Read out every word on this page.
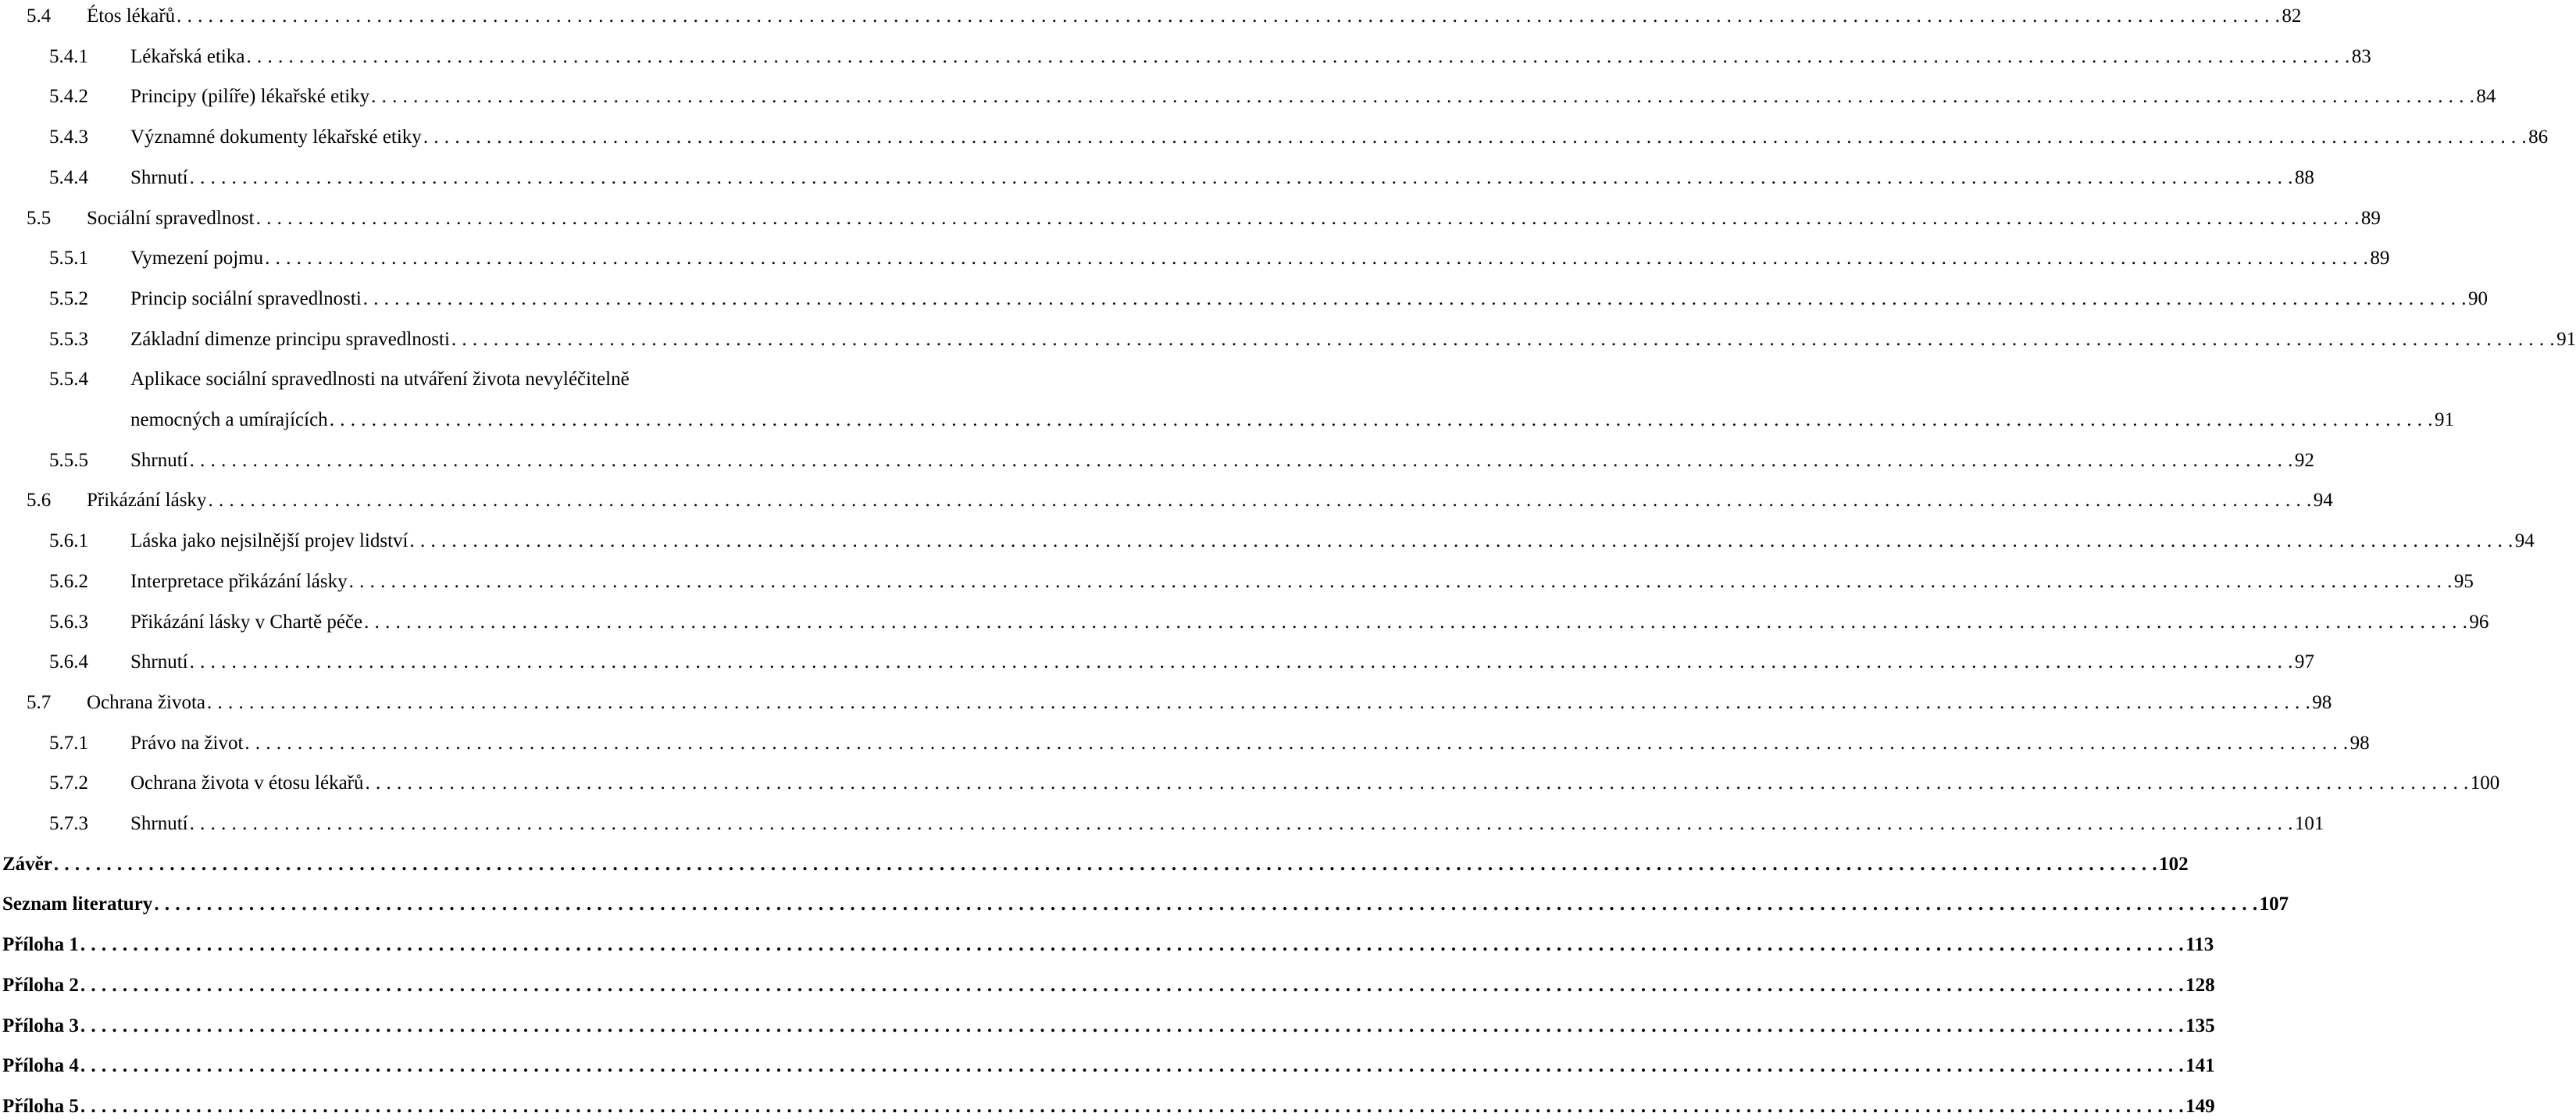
5.4 Étos lékařů . . . . . . . . . . . . . . . . . . . . . . . . . . . . . . . . . . . . . . . . . . . . . . . . . . . . . . . . . . . . . . . . . . . . . . . . . . . . . . . . . . . . . . . . . . . . . . . . . . . . . . . . . . . . . . . . . . . . . . . . . . . . . . . . . . . . . . . . . . . . . . . . . . . . . . . . . . . . . . . . . . . . . . . . . . . . . . . . . . . . . . . . . . . . . . . . . . . . . . . . 82
5.4.1 Lékařská etika . . . . . . . . . . . . . . . . . . . . . . . . . . . . . . . . . . . . . . . . . . . . . . . . . . . . . . . . . . . . . . . . . . . . . . . . . . . . . . . . . . . . . . . . . . . . . . . . . . . . . . . . . . . . . . . . . . . . . . . . . . . . . . . . . . . . . . . . . . . . . . . . . . . . . . . . . . . . . . . . . . . . . . . . . . . . . . . . . . . . . . . . . . . . . . . . . . . . . . . . 83
5.4.2 Principy (pilíře) lékařské etiky . . . . . . . . . . . . . . . . . . . . . . . . . . . . . . . . . . . . . . . . . . . . . . . . . . . . . . . . . . . . . . . . . . . . . . . . . . . . . . . . . . . . . . . . . . . . . . . . . . . . . . . . . . . . . . . . . . . . . . . . . . . . . . . . . . . . . . . . . . . . . . . . . . . . . . . . . . . . . . . . . . . . . . . . . . . . . . . . . . . . . . . . . . . . . . . . . . . . . . . . 84
5.4.3 Významné dokumenty lékařské etiky . . . . . . . . . . . . . . . . . . . . . . . . . . . . . . . . . . . . . . . . . . . . . . . . . . . . . . . . . . . . . . . . . . . . . . . . . . . . . . . . . . . . . . . . . . . . . . . . . . . . . . . . . . . . . . . . . . . . . . . . . . . . . . . . . . . . . . . . . . . . . . . . . . . . . . . . . . . . . . . . . . . . . . . . . . . . . . . . . . . . . . . . . . . . . . . . . . . . . . . . 86
5.4.4 Shrnutí . . . . . . . . . . . . . . . . . . . . . . . . . . . . . . . . . . . . . . . . . . . . . . . . . . . . . . . . . . . . . . . . . . . . . . . . . . . . . . . . . . . . . . . . . . . . . . . . . . . . . . . . . . . . . . . . . . . . . . . . . . . . . . . . . . . . . . . . . . . . . . . . . . . . . . . . . . . . . . . . . . . . . . . . . . . . . . . . . . . . . . . . . . . . . . . . . . . . . . . . 88
5.5 Sociální spravedlnost . . . . . . . . . . . . . . . . . . . . . . . . . . . . . . . . . . . . . . . . . . . . . . . . . . . . . . . . . . . . . . . . . . . . . . . . . . . . . . . . . . . . . . . . . . . . . . . . . . . . . . . . . . . . . . . . . . . . . . . . . . . . . . . . . . . . . . . . . . . . . . . . . . . . . . . . . . . . . . . . . . . . . . . . . . . . . . . . . . . . . . . . . . . . . . . . . . . . . . . . 89
5.5.1 Vymezení pojmu . . . . . . . . . . . . . . . . . . . . . . . . . . . . . . . . . . . . . . . . . . . . . . . . . . . . . . . . . . . . . . . . . . . . . . . . . . . . . . . . . . . . . . . . . . . . . . . . . . . . . . . . . . . . . . . . . . . . . . . . . . . . . . . . . . . . . . . . . . . . . . . . . . . . . . . . . . . . . . . . . . . . . . . . . . . . . . . . . . . . . . . . . . . . . . . . . . . . . . . . 89
5.5.2 Princip sociální spravedlnosti . . . . . . . . . . . . . . . . . . . . . . . . . . . . . . . . . . . . . . . . . . . . . . . . . . . . . . . . . . . . . . . . . . . . . . . . . . . . . . . . . . . . . . . . . . . . . . . . . . . . . . . . . . . . . . . . . . . . . . . . . . . . . . . . . . . . . . . . . . . . . . . . . . . . . . . . . . . . . . . . . . . . . . . . . . . . . . . . . . . . . . . . . . . . . . . . . . . . . . . . 90
5.5.3 Základní dimenze principu spravedlnosti . . . . . . . . . . . . . . . . . . . . . . . . . . . . . . . . . . . . . . . . . . . . . . . . . . . . . . . . . . . . . . . . . . . . . . . . . . . . . . . . . . . . . . . . . . . . . . . . . . . . . . . . . . . . . . . . . . . . . . . . . . . . . . . . . . . . . . . . . . . . . . . . . . . . . . . . . . . . . . . . . . . . . . . . . . . . . . . . . . . . . . . . . . . . . . . . . . . . . . . . 91
5.5.4 Aplikace sociální spravedlnosti na utváření života nevyléčitelně
nemocných a umírajících . . . . . . . . . . . . . . . . . . . . . . . . . . . . . . . . . . . . . . . . . . . . . . . . . . . . . . . . . . . . . . . . . . . . . . . . . . . . . . . . . . . . . . . . . . . . . . . . . . . . . . . . . . . . . . . . . . . . . . . . . . . . . . . . . . . . . . . . . . . . . . . . . . . . . . . . . . . . . . . . . . . . . . . . . . . . . . . . . . . . . . . . . . . . . . . . . . . . . . . . 91
5.5.5 Shrnutí . . . . . . . . . . . . . . . . . . . . . . . . . . . . . . . . . . . . . . . . . . . . . . . . . . . . . . . . . . . . . . . . . . . . . . . . . . . . . . . . . . . . . . . . . . . . . . . . . . . . . . . . . . . . . . . . . . . . . . . . . . . . . . . . . . . . . . . . . . . . . . . . . . . . . . . . . . . . . . . . . . . . . . . . . . . . . . . . . . . . . . . . . . . . . . . . . . . . . . . . 92
5.6 Přikázání lásky . . . . . . . . . . . . . . . . . . . . . . . . . . . . . . . . . . . . . . . . . . . . . . . . . . . . . . . . . . . . . . . . . . . . . . . . . . . . . . . . . . . . . . . . . . . . . . . . . . . . . . . . . . . . . . . . . . . . . . . . . . . . . . . . . . . . . . . . . . . . . . . . . . . . . . . . . . . . . . . . . . . . . . . . . . . . . . . . . . . . . . . . . . . . . . . . . . . . . . . . 94
5.6.1 Láska jako nejsilnější projev lidství . . . . . . . . . . . . . . . . . . . . . . . . . . . . . . . . . . . . . . . . . . . . . . . . . . . . . . . . . . . . . . . . . . . . . . . . . . . . . . . . . . . . . . . . . . . . . . . . . . . . . . . . . . . . . . . . . . . . . . . . . . . . . . . . . . . . . . . . . . . . . . . . . . . . . . . . . . . . . . . . . . . . . . . . . . . . . . . . . . . . . . . . . . . . . . . . . . . . . . . . 94
5.6.2 Interpretace přikázání lásky . . . . . . . . . . . . . . . . . . . . . . . . . . . . . . . . . . . . . . . . . . . . . . . . . . . . . . . . . . . . . . . . . . . . . . . . . . . . . . . . . . . . . . . . . . . . . . . . . . . . . . . . . . . . . . . . . . . . . . . . . . . . . . . . . . . . . . . . . . . . . . . . . . . . . . . . . . . . . . . . . . . . . . . . . . . . . . . . . . . . . . . . . . . . . . . . . . . . . . . . 95
5.6.3 Přikázání lásky v Chartě péče . . . . . . . . . . . . . . . . . . . . . . . . . . . . . . . . . . . . . . . . . . . . . . . . . . . . . . . . . . . . . . . . . . . . . . . . . . . . . . . . . . . . . . . . . . . . . . . . . . . . . . . . . . . . . . . . . . . . . . . . . . . . . . . . . . . . . . . . . . . . . . . . . . . . . . . . . . . . . . . . . . . . . . . . . . . . . . . . . . . . . . . . . . . . . . . . . . . . . . . . 96
5.6.4 Shrnutí . . . . . . . . . . . . . . . . . . . . . . . . . . . . . . . . . . . . . . . . . . . . . . . . . . . . . . . . . . . . . . . . . . . . . . . . . . . . . . . . . . . . . . . . . . . . . . . . . . . . . . . . . . . . . . . . . . . . . . . . . . . . . . . . . . . . . . . . . . . . . . . . . . . . . . . . . . . . . . . . . . . . . . . . . . . . . . . . . . . . . . . . . . . . . . . . . . . . . . . . 97
5.7 Ochrana života . . . . . . . . . . . . . . . . . . . . . . . . . . . . . . . . . . . . . . . . . . . . . . . . . . . . . . . . . . . . . . . . . . . . . . . . . . . . . . . . . . . . . . . . . . . . . . . . . . . . . . . . . . . . . . . . . . . . . . . . . . . . . . . . . . . . . . . . . . . . . . . . . . . . . . . . . . . . . . . . . . . . . . . . . . . . . . . . . . . . . . . . . . . . . . . . . . . . . . . . 98
5.7.1 Právo na život . . . . . . . . . . . . . . . . . . . . . . . . . . . . . . . . . . . . . . . . . . . . . . . . . . . . . . . . . . . . . . . . . . . . . . . . . . . . . . . . . . . . . . . . . . . . . . . . . . . . . . . . . . . . . . . . . . . . . . . . . . . . . . . . . . . . . . . . . . . . . . . . . . . . . . . . . . . . . . . . . . . . . . . . . . . . . . . . . . . . . . . . . . . . . . . . . . . . . . . . 98
5.7.2 Ochrana života v étosu lékařů . . . . . . . . . . . . . . . . . . . . . . . . . . . . . . . . . . . . . . . . . . . . . . . . . . . . . . . . . . . . . . . . . . . . . . . . . . . . . . . . . . . . . . . . . . . . . . . . . . . . . . . . . . . . . . . . . . . . . . . . . . . . . . . . . . . . . . . . . . . . . . . . . . . . . . . . . . . . . . . . . . . . . . . . . . . . . . . . . . . . . . . . . . . . . . . . . . . . . . . . 100
5.7.3 Shrnutí . . . . . . . . . . . . . . . . . . . . . . . . . . . . . . . . . . . . . . . . . . . . . . . . . . . . . . . . . . . . . . . . . . . . . . . . . . . . . . . . . . . . . . . . . . . . . . . . . . . . . . . . . . . . . . . . . . . . . . . . . . . . . . . . . . . . . . . . . . . . . . . . . . . . . . . . . . . . . . . . . . . . . . . . . . . . . . . . . . . . . . . . . . . . . . . . . . . . . . . . 101
Závěr . . . . . . . . . . . . . . . . . . . . . . . . . . . . . . . . . . . . . . . . . . . . . . . . . . . . . . . . . . . . . . . . . . . . . . . . . . . . . . . . . . . . . . . . . . . . . . . . . . . . . . . . . . . . . . . . . . . . . . . . . . . . . . . . . . . . . . . . . . . . . . . . . . . . . . . . . . . . . . . . . . . . . . . . . . . . . . . . . . . . . . . . . . . . . . . . . . . . . . . . 102
Seznam literatury . . . . . . . . . . . . . . . . . . . . . . . . . . . . . . . . . . . . . . . . . . . . . . . . . . . . . . . . . . . . . . . . . . . . . . . . . . . . . . . . . . . . . . . . . . . . . . . . . . . . . . . . . . . . . . . . . . . . . . . . . . . . . . . . . . . . . . . . . . . . . . . . . . . . . . . . . . . . . . . . . . . . . . . . . . . . . . . . . . . . . . . . . . . . . . . . . . . . . . . . 107
Příloha 1 . . . . . . . . . . . . . . . . . . . . . . . . . . . . . . . . . . . . . . . . . . . . . . . . . . . . . . . . . . . . . . . . . . . . . . . . . . . . . . . . . . . . . . . . . . . . . . . . . . . . . . . . . . . . . . . . . . . . . . . . . . . . . . . . . . . . . . . . . . . . . . . . . . . . . . . . . . . . . . . . . . . . . . . . . . . . . . . . . . . . . . . . . . . . . . . . . . . . . . . . 113
Příloha 2 . . . . . . . . . . . . . . . . . . . . . . . . . . . . . . . . . . . . . . . . . . . . . . . . . . . . . . . . . . . . . . . . . . . . . . . . . . . . . . . . . . . . . . . . . . . . . . . . . . . . . . . . . . . . . . . . . . . . . . . . . . . . . . . . . . . . . . . . . . . . . . . . . . . . . . . . . . . . . . . . . . . . . . . . . . . . . . . . . . . . . . . . . . . . . . . . . . . . . . . . 128
Příloha 3 . . . . . . . . . . . . . . . . . . . . . . . . . . . . . . . . . . . . . . . . . . . . . . . . . . . . . . . . . . . . . . . . . . . . . . . . . . . . . . . . . . . . . . . . . . . . . . . . . . . . . . . . . . . . . . . . . . . . . . . . . . . . . . . . . . . . . . . . . . . . . . . . . . . . . . . . . . . . . . . . . . . . . . . . . . . . . . . . . . . . . . . . . . . . . . . . . . . . . . . . 135
Příloha 4 . . . . . . . . . . . . . . . . . . . . . . . . . . . . . . . . . . . . . . . . . . . . . . . . . . . . . . . . . . . . . . . . . . . . . . . . . . . . . . . . . . . . . . . . . . . . . . . . . . . . . . . . . . . . . . . . . . . . . . . . . . . . . . . . . . . . . . . . . . . . . . . . . . . . . . . . . . . . . . . . . . . . . . . . . . . . . . . . . . . . . . . . . . . . . . . . . . . . . . . . 141
Příloha 5 . . . . . . . . . . . . . . . . . . . . . . . . . . . . . . . . . . . . . . . . . . . . . . . . . . . . . . . . . . . . . . . . . . . . . . . . . . . . . . . . . . . . . . . . . . . . . . . . . . . . . . . . . . . . . . . . . . . . . . . . . . . . . . . . . . . . . . . . . . . . . . . . . . . . . . . . . . . . . . . . . . . . . . . . . . . . . . . . . . . . . . . . . . . . . . . . . . . . . . . . 149
